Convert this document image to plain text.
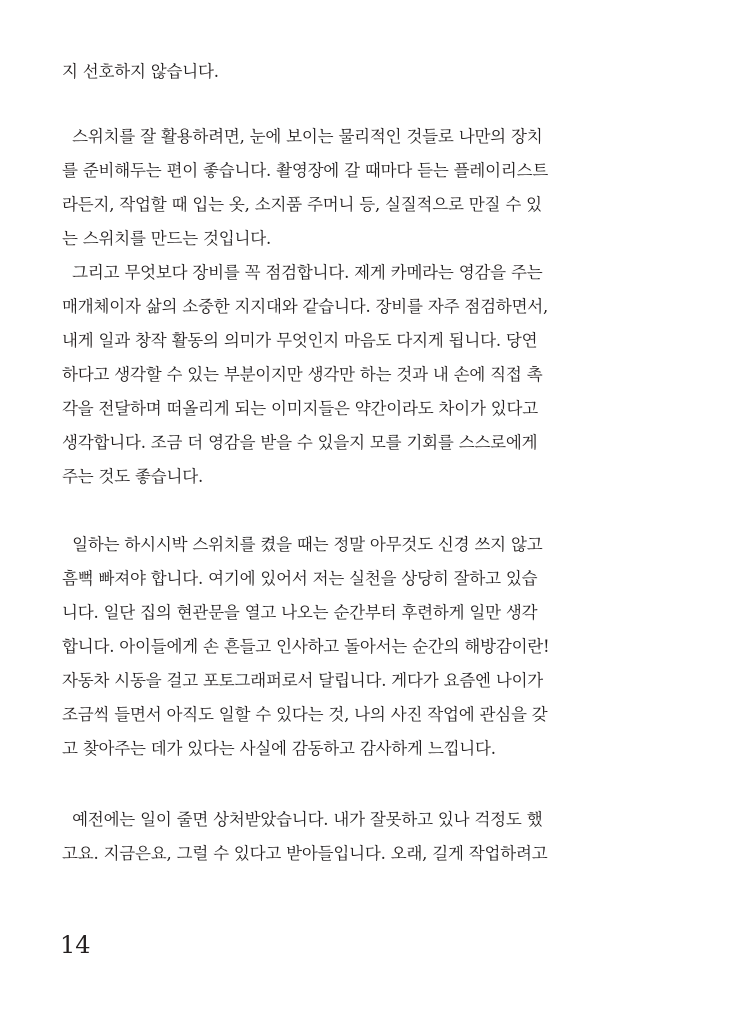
지 선호하지 않습니다.
스위치를 잘 활용하려면, 눈에 보이는 물리적인 것들로 나만의 장치
를 준비해두는 편이 좋습니다. 촬영장에 갈 때마다 듣는 플레이리스트
라든지, 작업할 때 입는 옷, 소지품 주머니 등, 실질적으로 만질 수 있
는 스위치를 만드는 것입니다.
그리고 무엇보다 장비를 꼭 점검합니다. 제게 카메라는 영감을 주는
매개체이자 삶의 소중한 지지대와 같습니다. 장비를 자주 점검하면서,
내게 일과 창작 활동의 의미가 무엇인지 마음도 다지게 됩니다. 당연
하다고 생각할 수 있는 부분이지만 생각만 하는 것과 내 손에 직접 촉
각을 전달하며 떠올리게 되는 이미지들은 약간이라도 차이가 있다고
생각합니다. 조금 더 영감을 받을 수 있을지 모를 기회를 스스로에게
주는 것도 좋습니다.
일하는 하시시박 스위치를 켰을 때는 정말 아무것도 신경 쓰지 않고
흠뻑 빠져야 합니다. 여기에 있어서 저는 실천을 상당히 잘하고 있습
니다. 일단 집의 현관문을 열고 나오는 순간부터 후련하게 일만 생각
합니다. 아이들에게 손 흔들고 인사하고 돌아서는 순간의 해방감이란!
자동차 시동을 걸고 포토그래퍼로서 달립니다. 게다가 요즘엔 나이가
조금씩 들면서 아직도 일할 수 있다는 것, 나의 사진 작업에 관심을 갖
고 찾아주는 데가 있다는 사실에 감동하고 감사하게 느낍니다.
예전에는 일이 줄면 상처받았습니다. 내가 잘못하고 있나 걱정도 했
고요. 지금은요, 그럴 수 있다고 받아들입니다. 오래, 길게 작업하려고
14
